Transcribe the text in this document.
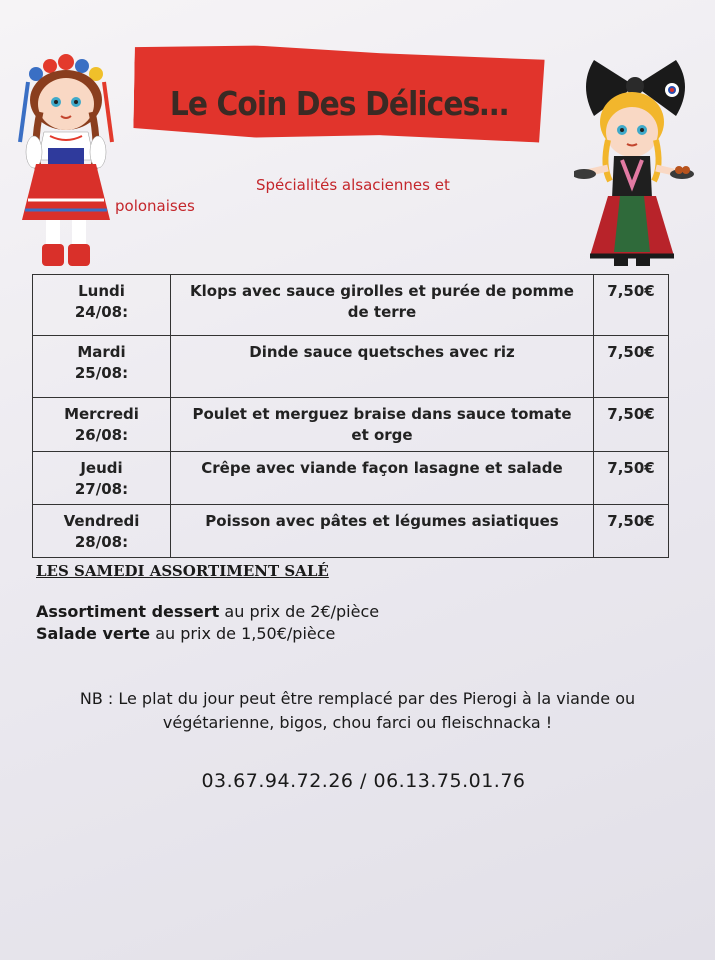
Le Coin Des Délices…
Spécialités alsaciennes et
polonaises
Lundi
24/08:	Klops avec sauce girolles et purée de pomme
de terre	7,50€
Mardi
25/08:	Dinde sauce quetsches avec riz	7,50€
Mercredi
26/08:	Poulet et merguez braise dans sauce tomate
et orge	7,50€
Jeudi
27/08:	Crêpe avec viande façon lasagne et salade	7,50€
Vendredi
28/08:	Poisson avec pâtes et légumes asiatiques	7,50€
LES SAMEDI ASSORTIMENT SALÉ
Assortiment dessert au prix de 2€/pièce
Salade verte au prix de 1,50€/pièce
NB : Le plat du jour peut être remplacé par des Pierogi à la viande ou
végétarienne, bigos, chou farci ou fleischnacka !
03.67.94.72.26 / 06.13.75.01.76
